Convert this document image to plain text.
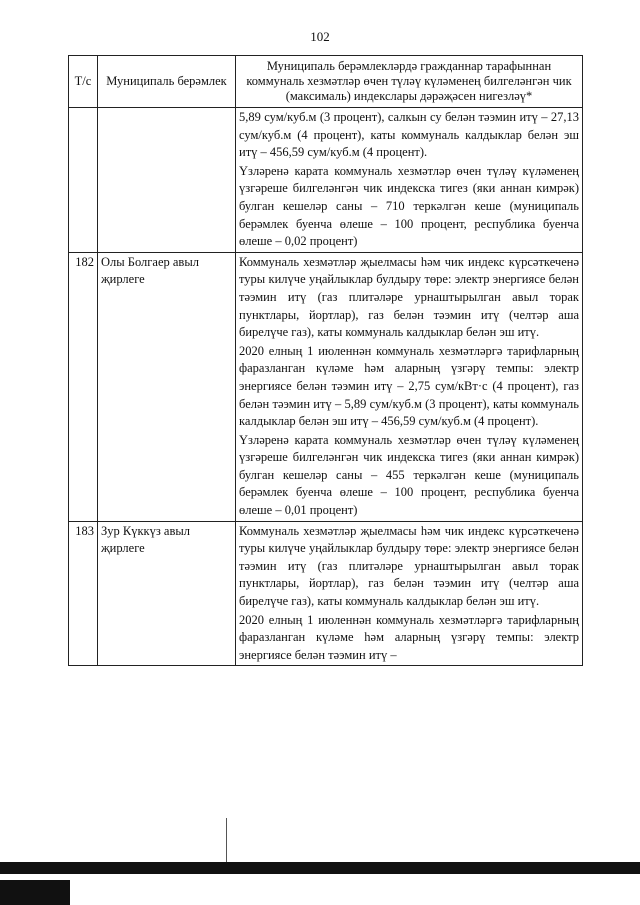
102
Т/с	Муниципаль берәмлек	Муниципаль берәмлекләрдә гражданнар тарафыннан коммуналь хезмәтләр өчен түләү күләменең билгеләнгән чик (максималь) индекслары дәрәҗәсен нигезләү*

		5,89 сум/куб.м (3 процент), салкын су белән тәэмин итү – 27,13 сум/куб.м (4 процент), каты коммуналь калдыклар белән эш итү – 456,59 сум/куб.м (4 процент).

Үзләренә карата коммуналь хезмәтләр өчен түләү күләменең үзгәреше билгеләнгән чик индекска тигез (яки аннан кимрәк) булган кешеләр саны – 710 теркәлгән кеше (муниципаль берәмлек буенча өлеше – 100 процент, республика буенча өлеше – 0,02 процент)

182	Олы Болгаер авыл җирлеге	Коммуналь хезмәтләр җыелмасы һәм чик индекс күрсәткеченә туры килүче уңайлыклар булдыру төре: электр энергиясе белән тәэмин итү (газ плитәләре урнаштырылган авыл торак пунктлары, йортлар), газ белән тәэмин итү (челтәр аша бирелүче газ), каты коммуналь калдыклар белән эш итү.

2020 елның 1 июленнән коммуналь хезмәтләргә тарифларның фаразланган күләме һәм аларның үзгәрү темпы: электр энергиясе белән тәэмин итү – 2,75 сум/кВт·с (4 процент), газ белән тәэмин итү – 5,89 сум/куб.м (3 процент), каты коммуналь калдыклар белән эш итү – 456,59 сум/куб.м (4 процент).

Үзләренә карата коммуналь хезмәтләр өчен түләү күләменең үзгәреше билгеләнгән чик индекска тигез (яки аннан кимрәк) булган кешеләр саны – 455 теркәлгән кеше (муниципаль берәмлек буенча өлеше – 100 процент, республика буенча өлеше – 0,01 процент)

183	Зур Күккүз авыл җирлеге	Коммуналь хезмәтләр җыелмасы һәм чик индекс күрсәткеченә туры килүче уңайлыклар булдыру төре: электр энергиясе белән тәэмин итү (газ плитәләре урнаштырылган авыл торак пунктлары, йортлар), газ белән тәэмин итү (челтәр аша бирелүче газ), каты коммуналь калдыклар белән эш итү.

2020 елның 1 июленнән коммуналь хезмәтләргә тарифларның фаразланган күләме һәм аларның үзгәрү темпы: электр энергиясе белән тәэмин итү –
